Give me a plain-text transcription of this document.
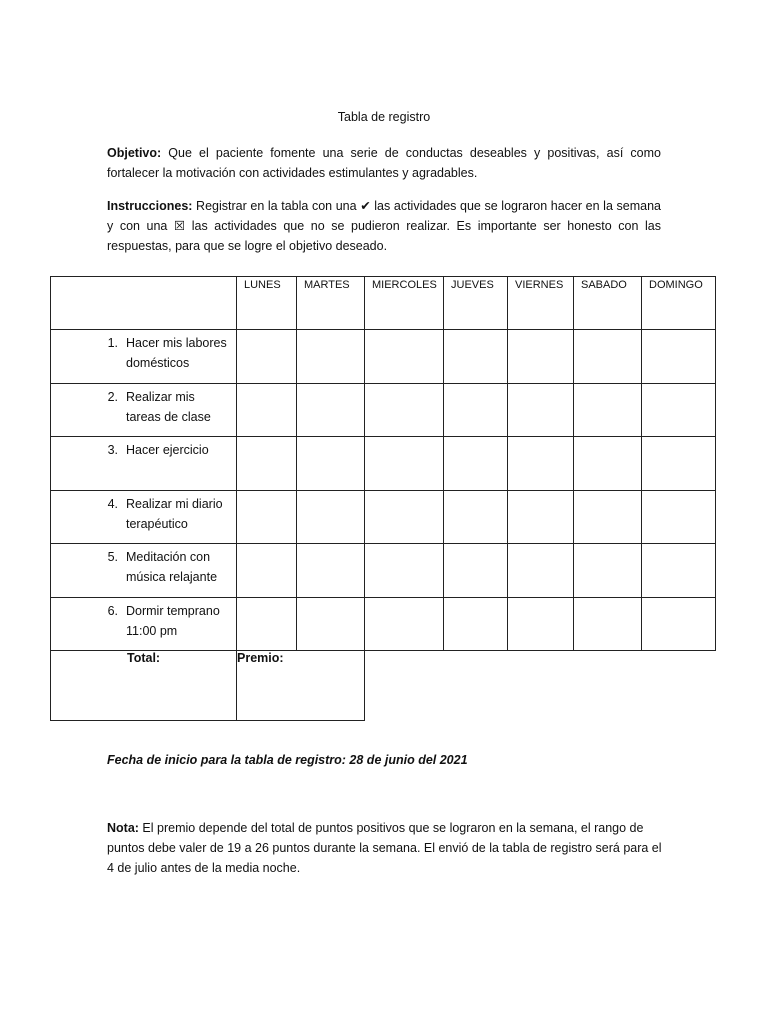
Tabla de registro

Objetivo: Que el paciente fomente una serie de conductas deseables y positivas, así como fortalecer la motivación con actividades estimulantes y agradables.

Instrucciones: Registrar en la tabla con una ✔ las actividades que se lograron hacer en la semana y con una ☒ las actividades que no se pudieron realizar. Es importante ser honesto con las respuestas, para que se logre el objetivo deseado.

	LUNES	MARTES	MIERCOLES	JUEVES	VIERNES	SABADO	DOMINGO

1. Hacer mis labores domésticos							

2. Realizar mis tareas de clase							

3. Hacer ejercicio							

4. Realizar mi diario terapéutico							

5. Meditación con música relajante							

6. Dormir temprano 11:00 pm							

Total:	Premio:						
Fecha de inicio para la tabla de registro: 28 de junio del 2021

Nota: El premio depende del total de puntos positivos que se lograron en la semana, el rango de puntos debe valer de 19 a 26 puntos durante la semana. El envió de la tabla de registro será para el 4 de julio antes de la media noche.
